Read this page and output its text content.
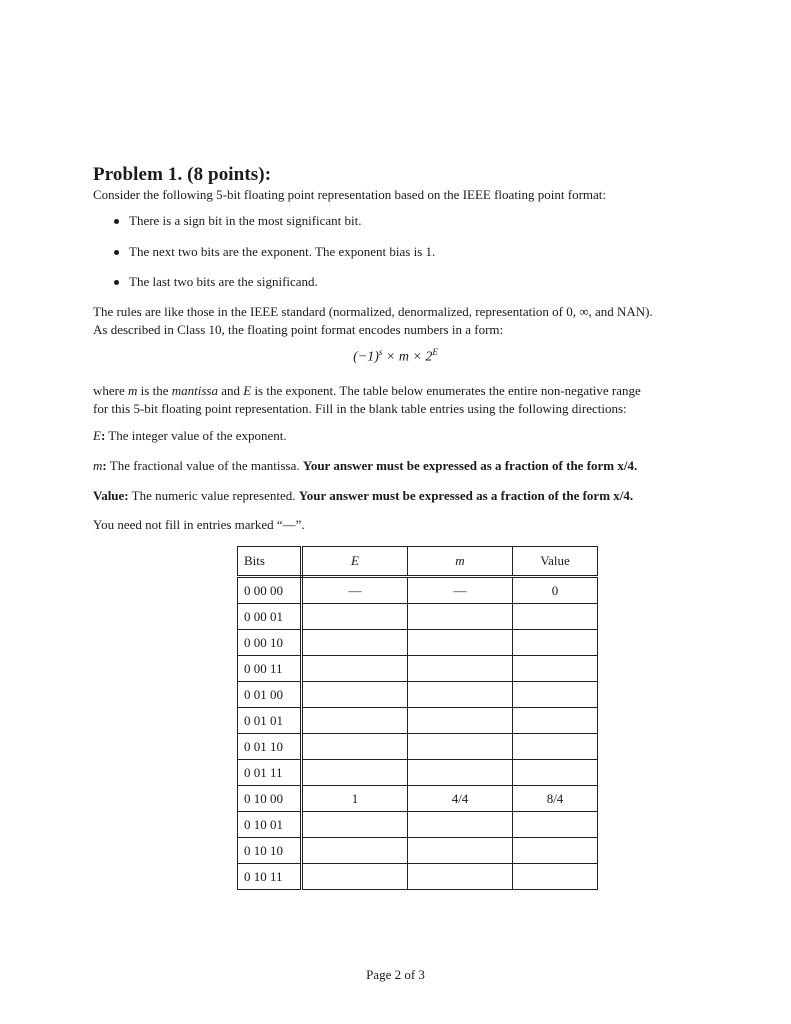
Problem 1. (8 points):

Consider the following 5-bit floating point representation based on the IEEE floating point format:

There is a sign bit in the most significant bit.

The next two bits are the exponent. The exponent bias is 1.

The last two bits are the significand.

The rules are like those in the IEEE standard (normalized, denormalized, representation of 0, ∞, and NAN).

As described in Class 10, the floating point format encodes numbers in a form:

$(-1)^s \times m \times 2^E$

where m is the mantissa and E is the exponent. The table below enumerates the entire non-negative range

for this 5-bit floating point representation. Fill in the blank table entries using the following directions:

E: The integer value of the exponent.

m: The fractional value of the mantissa. Your answer must be expressed as a fraction of the form x/4.

Value: The numeric value represented. Your answer must be expressed as a fraction of the form x/4.

You need not fill in entries marked “—”.

Bits	E	m	Value
0 00 00	—	—	0
0 00 01			
0 00 10			
0 00 11			
0 01 00			
0 01 01			
0 01 10			
0 01 11			
0 10 00	1	4/4	8/4
0 10 01			
0 10 10			
0 10 11			
Page 2 of 3
